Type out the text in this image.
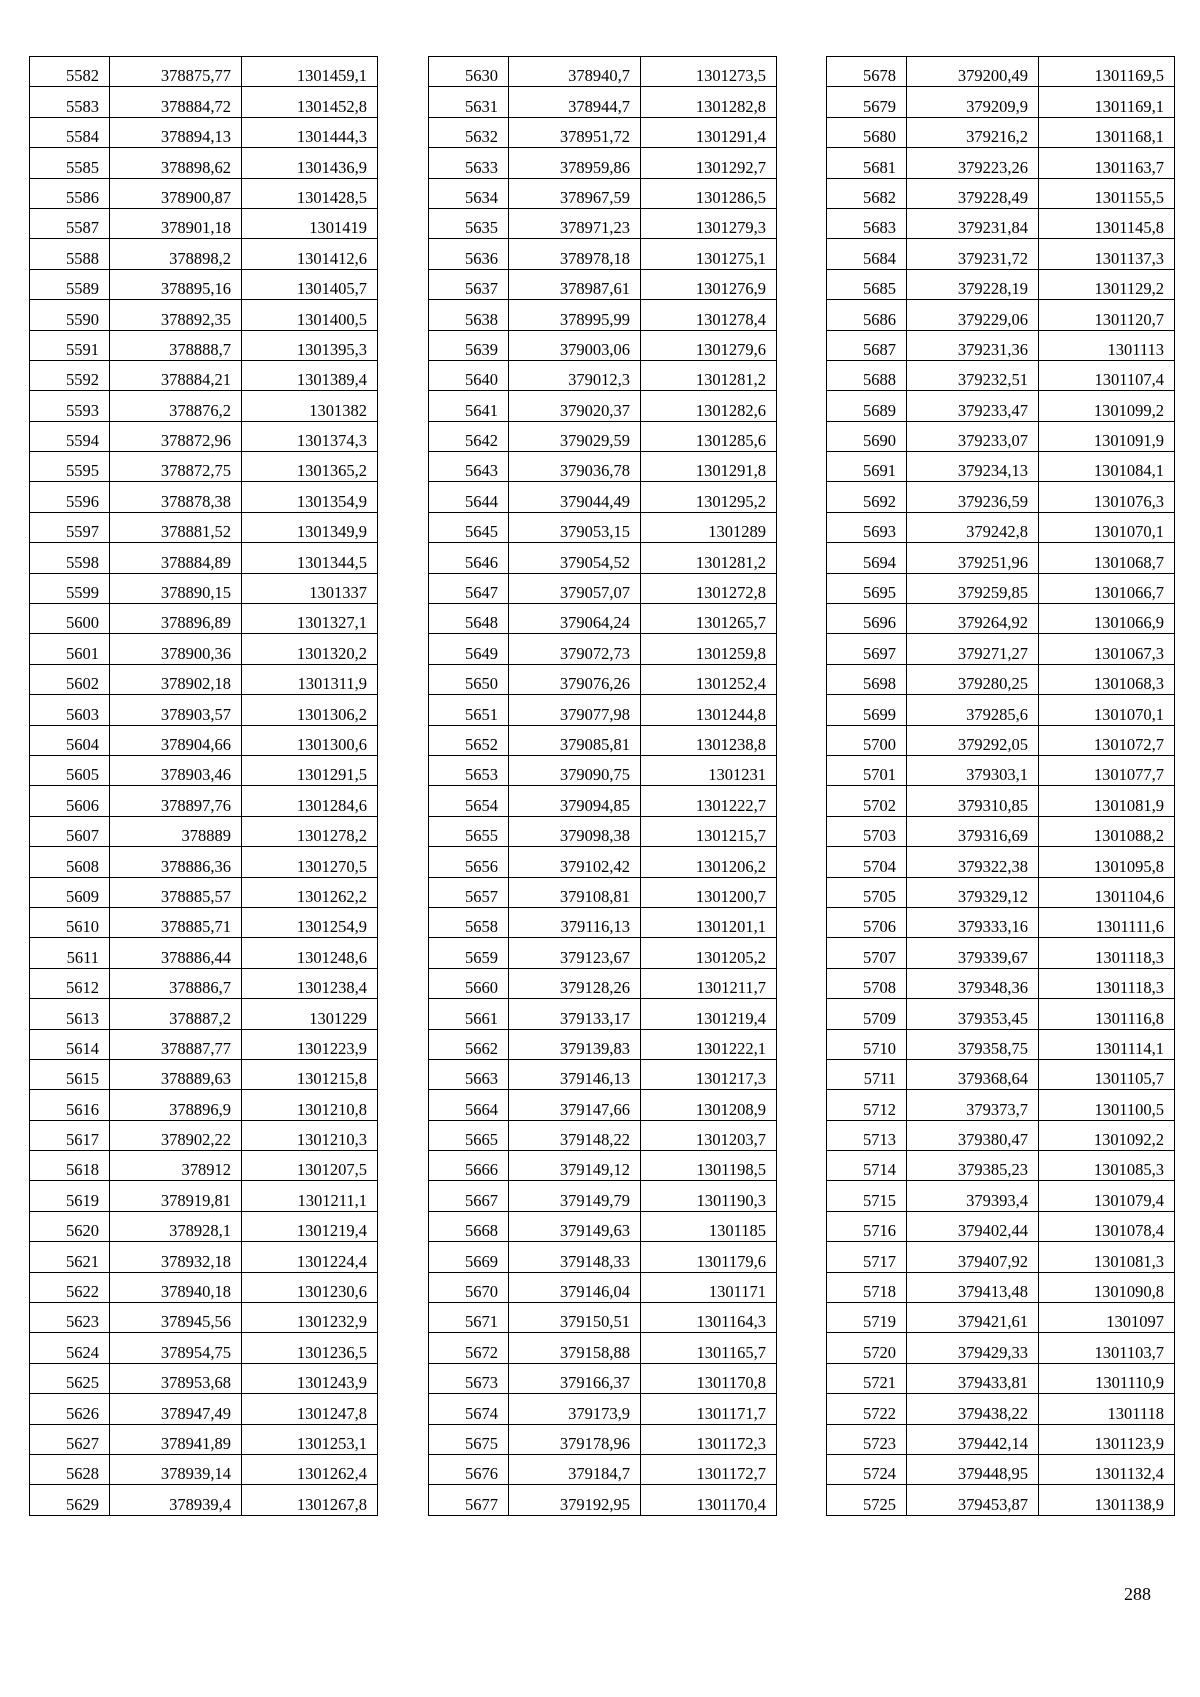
5582	378875,77	1301459,1
5583	378884,72	1301452,8
5584	378894,13	1301444,3
5585	378898,62	1301436,9
5586	378900,87	1301428,5
5587	378901,18	1301419
5588	378898,2	1301412,6
5589	378895,16	1301405,7
5590	378892,35	1301400,5
5591	378888,7	1301395,3
5592	378884,21	1301389,4
5593	378876,2	1301382
5594	378872,96	1301374,3
5595	378872,75	1301365,2
5596	378878,38	1301354,9
5597	378881,52	1301349,9
5598	378884,89	1301344,5
5599	378890,15	1301337
5600	378896,89	1301327,1
5601	378900,36	1301320,2
5602	378902,18	1301311,9
5603	378903,57	1301306,2
5604	378904,66	1301300,6
5605	378903,46	1301291,5
5606	378897,76	1301284,6
5607	378889	1301278,2
5608	378886,36	1301270,5
5609	378885,57	1301262,2
5610	378885,71	1301254,9
5611	378886,44	1301248,6
5612	378886,7	1301238,4
5613	378887,2	1301229
5614	378887,77	1301223,9
5615	378889,63	1301215,8
5616	378896,9	1301210,8
5617	378902,22	1301210,3
5618	378912	1301207,5
5619	378919,81	1301211,1
5620	378928,1	1301219,4
5621	378932,18	1301224,4
5622	378940,18	1301230,6
5623	378945,56	1301232,9
5624	378954,75	1301236,5
5625	378953,68	1301243,9
5626	378947,49	1301247,8
5627	378941,89	1301253,1
5628	378939,14	1301262,4
5629	378939,4	1301267,8
5630	378940,7	1301273,5
5631	378944,7	1301282,8
5632	378951,72	1301291,4
5633	378959,86	1301292,7
5634	378967,59	1301286,5
5635	378971,23	1301279,3
5636	378978,18	1301275,1
5637	378987,61	1301276,9
5638	378995,99	1301278,4
5639	379003,06	1301279,6
5640	379012,3	1301281,2
5641	379020,37	1301282,6
5642	379029,59	1301285,6
5643	379036,78	1301291,8
5644	379044,49	1301295,2
5645	379053,15	1301289
5646	379054,52	1301281,2
5647	379057,07	1301272,8
5648	379064,24	1301265,7
5649	379072,73	1301259,8
5650	379076,26	1301252,4
5651	379077,98	1301244,8
5652	379085,81	1301238,8
5653	379090,75	1301231
5654	379094,85	1301222,7
5655	379098,38	1301215,7
5656	379102,42	1301206,2
5657	379108,81	1301200,7
5658	379116,13	1301201,1
5659	379123,67	1301205,2
5660	379128,26	1301211,7
5661	379133,17	1301219,4
5662	379139,83	1301222,1
5663	379146,13	1301217,3
5664	379147,66	1301208,9
5665	379148,22	1301203,7
5666	379149,12	1301198,5
5667	379149,79	1301190,3
5668	379149,63	1301185
5669	379148,33	1301179,6
5670	379146,04	1301171
5671	379150,51	1301164,3
5672	379158,88	1301165,7
5673	379166,37	1301170,8
5674	379173,9	1301171,7
5675	379178,96	1301172,3
5676	379184,7	1301172,7
5677	379192,95	1301170,4
5678	379200,49	1301169,5
5679	379209,9	1301169,1
5680	379216,2	1301168,1
5681	379223,26	1301163,7
5682	379228,49	1301155,5
5683	379231,84	1301145,8
5684	379231,72	1301137,3
5685	379228,19	1301129,2
5686	379229,06	1301120,7
5687	379231,36	1301113
5688	379232,51	1301107,4
5689	379233,47	1301099,2
5690	379233,07	1301091,9
5691	379234,13	1301084,1
5692	379236,59	1301076,3
5693	379242,8	1301070,1
5694	379251,96	1301068,7
5695	379259,85	1301066,7
5696	379264,92	1301066,9
5697	379271,27	1301067,3
5698	379280,25	1301068,3
5699	379285,6	1301070,1
5700	379292,05	1301072,7
5701	379303,1	1301077,7
5702	379310,85	1301081,9
5703	379316,69	1301088,2
5704	379322,38	1301095,8
5705	379329,12	1301104,6
5706	379333,16	1301111,6
5707	379339,67	1301118,3
5708	379348,36	1301118,3
5709	379353,45	1301116,8
5710	379358,75	1301114,1
5711	379368,64	1301105,7
5712	379373,7	1301100,5
5713	379380,47	1301092,2
5714	379385,23	1301085,3
5715	379393,4	1301079,4
5716	379402,44	1301078,4
5717	379407,92	1301081,3
5718	379413,48	1301090,8
5719	379421,61	1301097
5720	379429,33	1301103,7
5721	379433,81	1301110,9
5722	379438,22	1301118
5723	379442,14	1301123,9
5724	379448,95	1301132,4
5725	379453,87	1301138,9
288
